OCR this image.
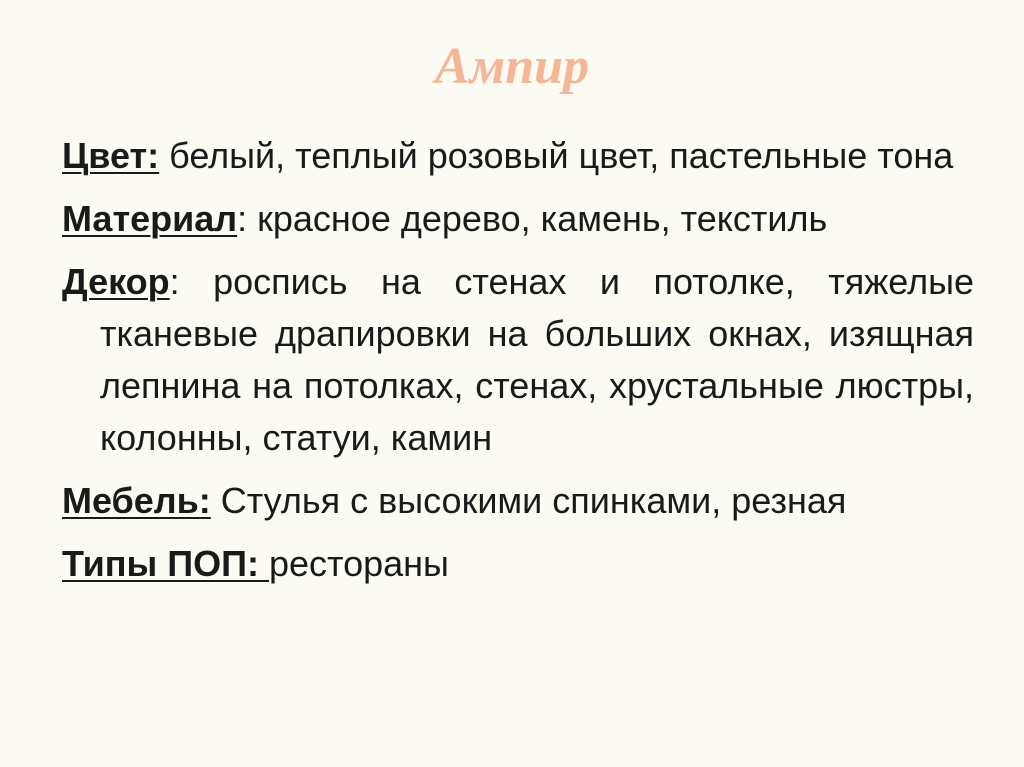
Ампир

Цвет: белый, теплый розовый цвет, пастельные тона

Материал: красное дерево, камень, текстиль

Декор: роспись на стенах и потолке, тяжелые тканевые драпировки на больших окнах, изящная лепнина на потолках, стенах, хрустальные люстры, колонны, статуи, камин

Мебель: Стулья с высокими спинками, резная

Типы ПОП: рестораны
